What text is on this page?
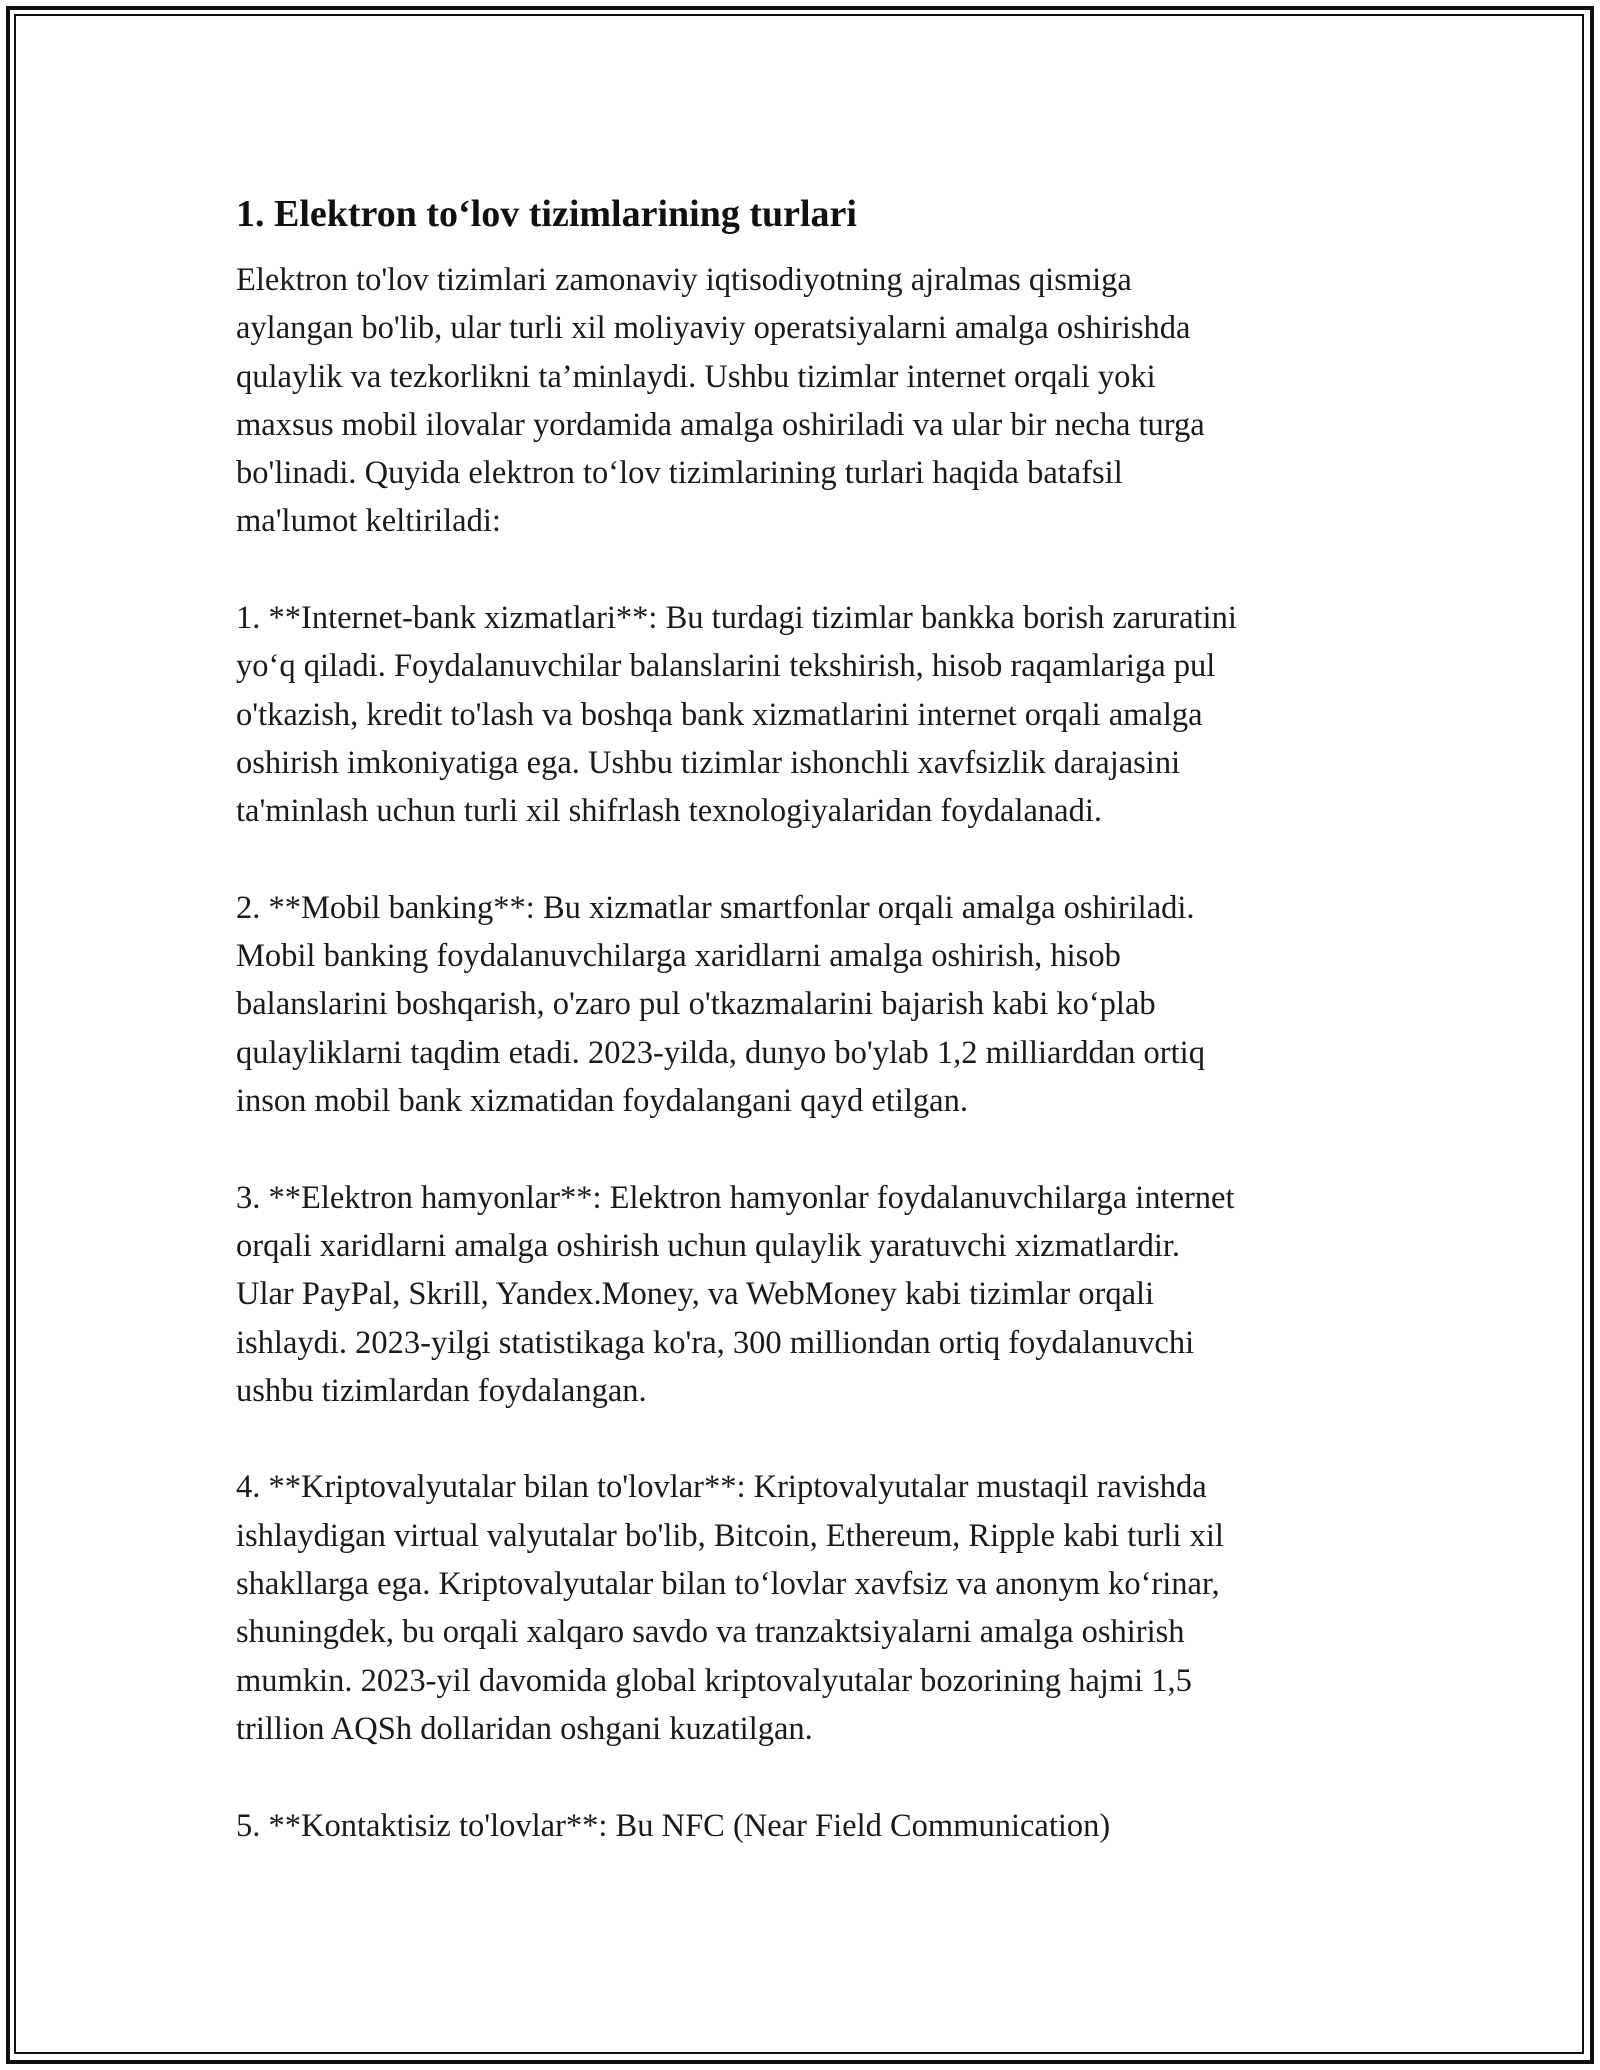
1. Elektron to‘lov tizimlarining turlari

Elektron to'lov tizimlari zamonaviy iqtisodiyotning ajralmas qismiga
aylangan bo'lib, ular turli xil moliyaviy operatsiyalarni amalga oshirishda
qulaylik va tezkorlikni ta’minlaydi. Ushbu tizimlar internet orqali yoki
maxsus mobil ilovalar yordamida amalga oshiriladi va ular bir necha turga
bo'linadi. Quyida elektron to‘lov tizimlarining turlari haqida batafsil
ma'lumot keltiriladi:

1. **Internet-bank xizmatlari**: Bu turdagi tizimlar bankka borish zaruratini
yo‘q qiladi. Foydalanuvchilar balanslarini tekshirish, hisob raqamlariga pul
o'tkazish, kredit to'lash va boshqa bank xizmatlarini internet orqali amalga
oshirish imkoniyatiga ega. Ushbu tizimlar ishonchli xavfsizlik darajasini
ta'minlash uchun turli xil shifrlash texnologiyalaridan foydalanadi.

2. **Mobil banking**: Bu xizmatlar smartfonlar orqali amalga oshiriladi.
Mobil banking foydalanuvchilarga xaridlarni amalga oshirish, hisob
balanslarini boshqarish, o'zaro pul o'tkazmalarini bajarish kabi ko‘plab
qulayliklarni taqdim etadi. 2023-yilda, dunyo bo'ylab 1,2 milliarddan ortiq
inson mobil bank xizmatidan foydalangani qayd etilgan.

3. **Elektron hamyonlar**: Elektron hamyonlar foydalanuvchilarga internet
orqali xaridlarni amalga oshirish uchun qulaylik yaratuvchi xizmatlardir.
Ular PayPal, Skrill, Yandex.Money, va WebMoney kabi tizimlar orqali
ishlaydi. 2023-yilgi statistikaga ko'ra, 300 milliondan ortiq foydalanuvchi
ushbu tizimlardan foydalangan.

4. **Kriptovalyutalar bilan to'lovlar**: Kriptovalyutalar mustaqil ravishda
ishlaydigan virtual valyutalar bo'lib, Bitcoin, Ethereum, Ripple kabi turli xil
shakllarga ega. Kriptovalyutalar bilan to‘lovlar xavfsiz va anonym ko‘rinar,
shuningdek, bu orqali xalqaro savdo va tranzaktsiyalarni amalga oshirish
mumkin. 2023-yil davomida global kriptovalyutalar bozorining hajmi 1,5
trillion AQSh dollaridan oshgani kuzatilgan.

5. **Kontaktisiz to'lovlar**: Bu NFC (Near Field Communication)
